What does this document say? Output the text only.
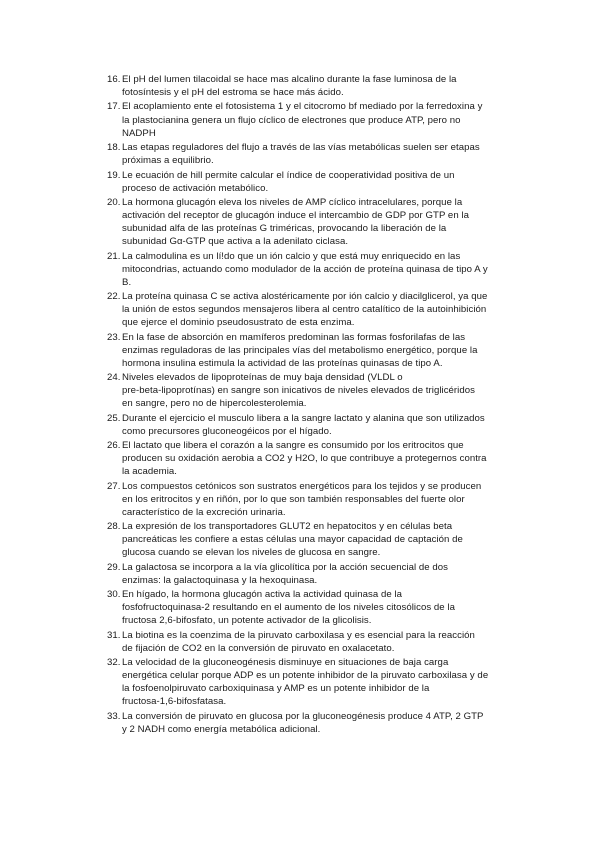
16. El pH del lumen tilacoidal se hace mas alcalino durante la fase luminosa de la
fotosíntesis y el pH del estroma se hace más ácido.
17. El acoplamiento ente el fotosistema 1 y el citocromo bf mediado por la ferredoxina y
la plastocianina genera un flujo cíclico de electrones que produce ATP, pero no
NADPH
18. Las etapas reguladores del flujo a través de las vías metabólicas suelen ser etapas
próximas a equilibrio.
19. Le ecuación de hill permite calcular el índice de cooperatividad positiva de un
proceso de activación metabólico.
20. La hormona glucagón eleva los niveles de AMP cíclico intracelulares, porque la
activación del receptor de glucagón induce el intercambio de GDP por GTP en la
subunidad alfa de las proteínas G triméricas, provocando la liberación de la
subunidad Gα-GTP que activa a la adenilato ciclasa.
21. La calmodulina es un lí!do que un ión calcio y que está muy enriquecido en las
mitocondrias, actuando como modulador de la acción de proteína quinasa de tipo A y
B.
22. La proteína quinasa C se activa alostéricamente por ión calcio y diacilglicerol, ya que
la unión de estos segundos mensajeros libera al centro catalítico de la autoinhibición
que ejerce el dominio pseudosustrato de esta enzima.
23. En la fase de absorción en mamíferos predominan las formas fosforilafas de las
enzimas reguladoras de las principales vías del metabolismo energético, porque la
hormona insulina estimula la actividad de las proteínas quinasas de tipo A.
24. Niveles elevados de lipoproteínas de muy baja densidad (VLDL o
pre-beta-lipoprotínas) en sangre son inicativos de niveles elevados de triglicéridos
en sangre, pero no de hipercolesterolemia.
25. Durante el ejercicio el musculo libera a la sangre lactato y alanina que son utilizados
como precursores gluconeogéicos por el hígado.
26. El lactato que libera el corazón a la sangre es consumido por los eritrocitos que
producen su oxidación aerobia a CO2 y H2O, lo que contribuye a protegernos contra
la academia.
27. Los compuestos cetónicos son sustratos energéticos para los tejidos y se producen
en los eritrocitos y en riñón, por lo que son también responsables del fuerte olor
característico de la excreción urinaria.
28. La expresión de los transportadores GLUT2 en hepatocitos y en células beta
pancreáticas les confiere a estas células una mayor capacidad de captación de
glucosa cuando se elevan los niveles de glucosa en sangre.
29. La galactosa se incorpora a la vía glicolítica por la acción secuencial de dos
enzimas: la galactoquinasa y la hexoquinasa.
30. En hígado, la hormona glucagón activa la actividad quinasa de la
fosfofructoquinasa-2 resultando en el aumento de los niveles citosólicos de la
fructosa 2,6-bifosfato, un potente activador de la glicolisis.
31. La biotina es la coenzima de la piruvato carboxilasa y es esencial para la reacción
de fijación de CO2 en la conversión de piruvato en oxalacetato.
32. La velocidad de la gluconeogénesis disminuye en situaciones de baja carga
energética celular porque ADP es un potente inhibidor de la piruvato carboxilasa y de
la fosfoenolpiruvato carboxiquinasa y AMP es un potente inhibidor de la
fructosa-1,6-bifosfatasa.
33. La conversión de piruvato en glucosa por la gluconeogénesis produce 4 ATP, 2 GTP
y 2 NADH como energía metabólica adicional.
